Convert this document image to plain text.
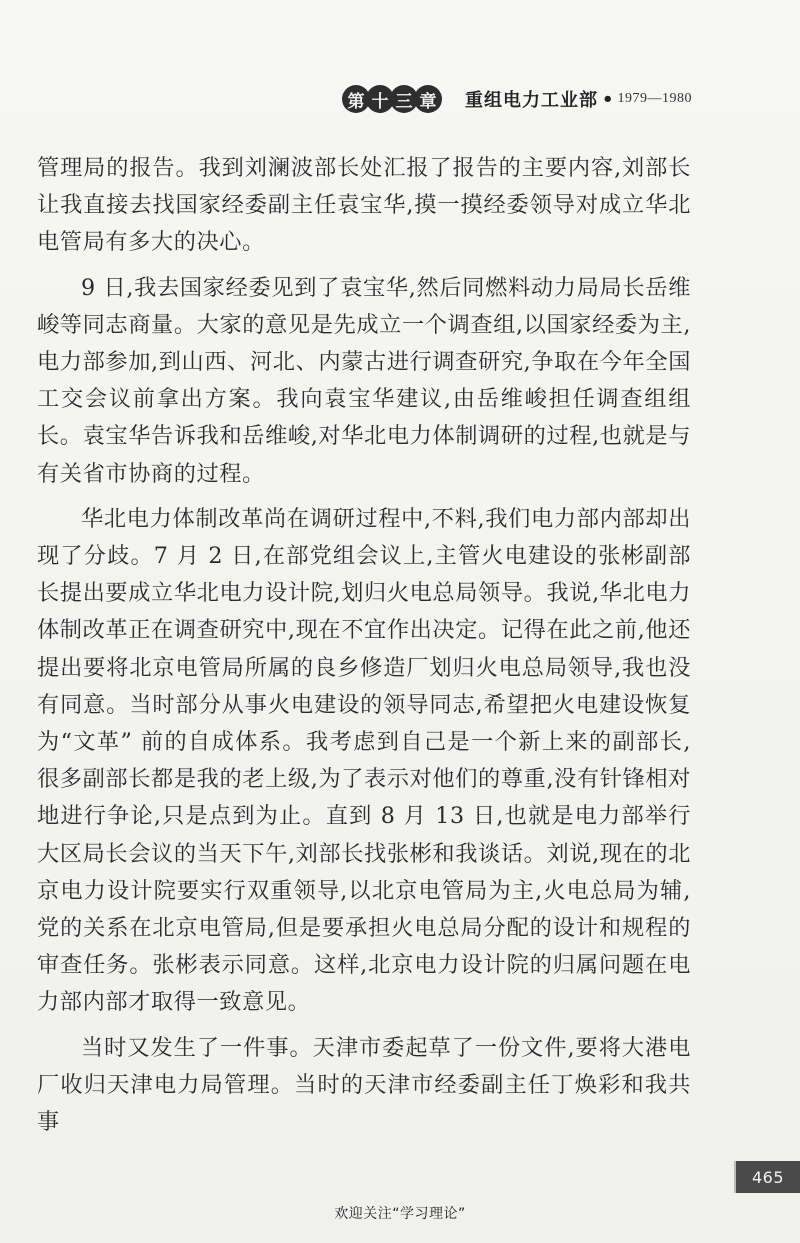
第 十 三 章 重组电力工业部 • 1979—1980

管理局的报告。我到刘澜波部长处汇报了报告的主要内容,刘部长让我直接去找国家经委副主任袁宝华,摸一摸经委领导对成立华北电管局有多大的决心。

9 日,我去国家经委见到了袁宝华,然后同燃料动力局局长岳维峻等同志商量。大家的意见是先成立一个调查组,以国家经委为主,电力部参加,到山西、河北、内蒙古进行调查研究,争取在今年全国工交会议前拿出方案。我向袁宝华建议,由岳维峻担任调查组组长。袁宝华告诉我和岳维峻,对华北电力体制调研的过程,也就是与有关省市协商的过程。

华北电力体制改革尚在调研过程中,不料,我们电力部内部却出现了分歧。7 月 2 日,在部党组会议上,主管火电建设的张彬副部长提出要成立华北电力设计院,划归火电总局领导。我说,华北电力体制改革正在调查研究中,现在不宜作出决定。记得在此之前,他还提出要将北京电管局所属的良乡修造厂划归火电总局领导,我也没有同意。当时部分从事火电建设的领导同志,希望把火电建设恢复为“文革” 前的自成体系。我考虑到自己是一个新上来的副部长,很多副部长都是我的老上级,为了表示对他们的尊重,没有针锋相对地进行争论,只是点到为止。直到 8 月 13 日,也就是电力部举行大区局长会议的当天下午,刘部长找张彬和我谈话。刘说,现在的北京电力设计院要实行双重领导,以北京电管局为主,火电总局为辅,党的关系在北京电管局,但是要承担火电总局分配的设计和规程的审查任务。张彬表示同意。这样,北京电力设计院的归属问题在电力部内部才取得一致意见。

当时又发生了一件事。天津市委起草了一份文件,要将大港电厂收归天津电力局管理。当时的天津市经委副主任丁焕彩和我共事

465
欢迎关注“学习理论”
